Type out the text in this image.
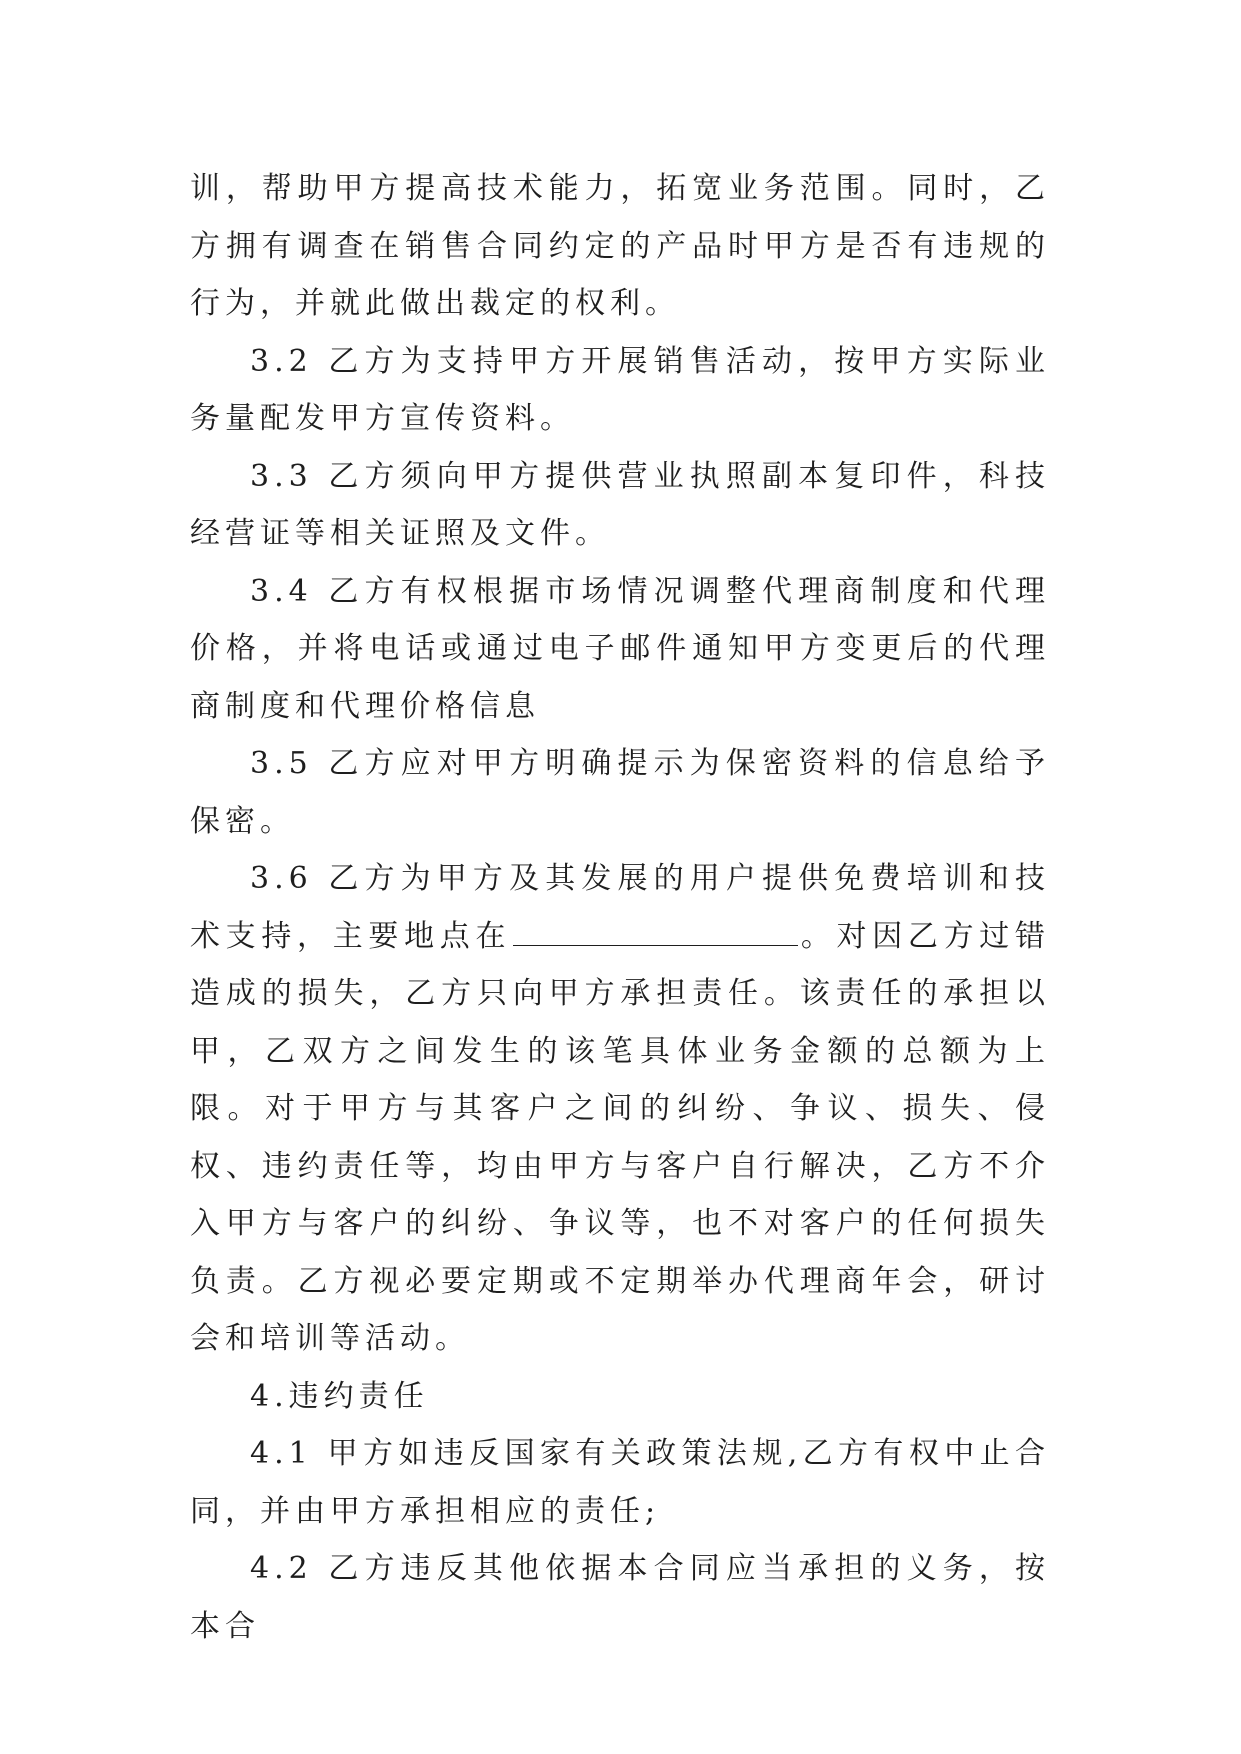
训，帮助甲方提高技术能力，拓宽业务范围。同时，乙方拥有调查在销售合同约定的产品时甲方是否有违规的行为，并就此做出裁定的权利。

3.2 乙方为支持甲方开展销售活动，按甲方实际业务量配发甲方宣传资料。

3.3 乙方须向甲方提供营业执照副本复印件，科技经营证等相关证照及文件。

3.4 乙方有权根据市场情况调整代理商制度和代理价格，并将电话或通过电子邮件通知甲方变更后的代理商制度和代理价格信息

3.5 乙方应对甲方明确提示为保密资料的信息给予保密。

3.6 乙方为甲方及其发展的用户提供免费培训和技术支持，主要地点在	。对因乙方过错造成的损失，乙方只向甲方承担责任。该责任的承担以甲，乙双方之间发生的该笔具体业务金额的总额为上限。对于甲方与其客户之间的纠纷、争议、损失、侵权、违约责任等，均由甲方与客户自行解决，乙方不介入甲方与客户的纠纷、争议等，也不对客户的任何损失负责。乙方视必要定期或不定期举办代理商年会，研讨会和培训等活动。

4.违约责任

4.1 甲方如违反国家有关政策法规,乙方有权中止合同，并由甲方承担相应的责任;

4.2 乙方违反其他依据本合同应当承担的义务，按本合
